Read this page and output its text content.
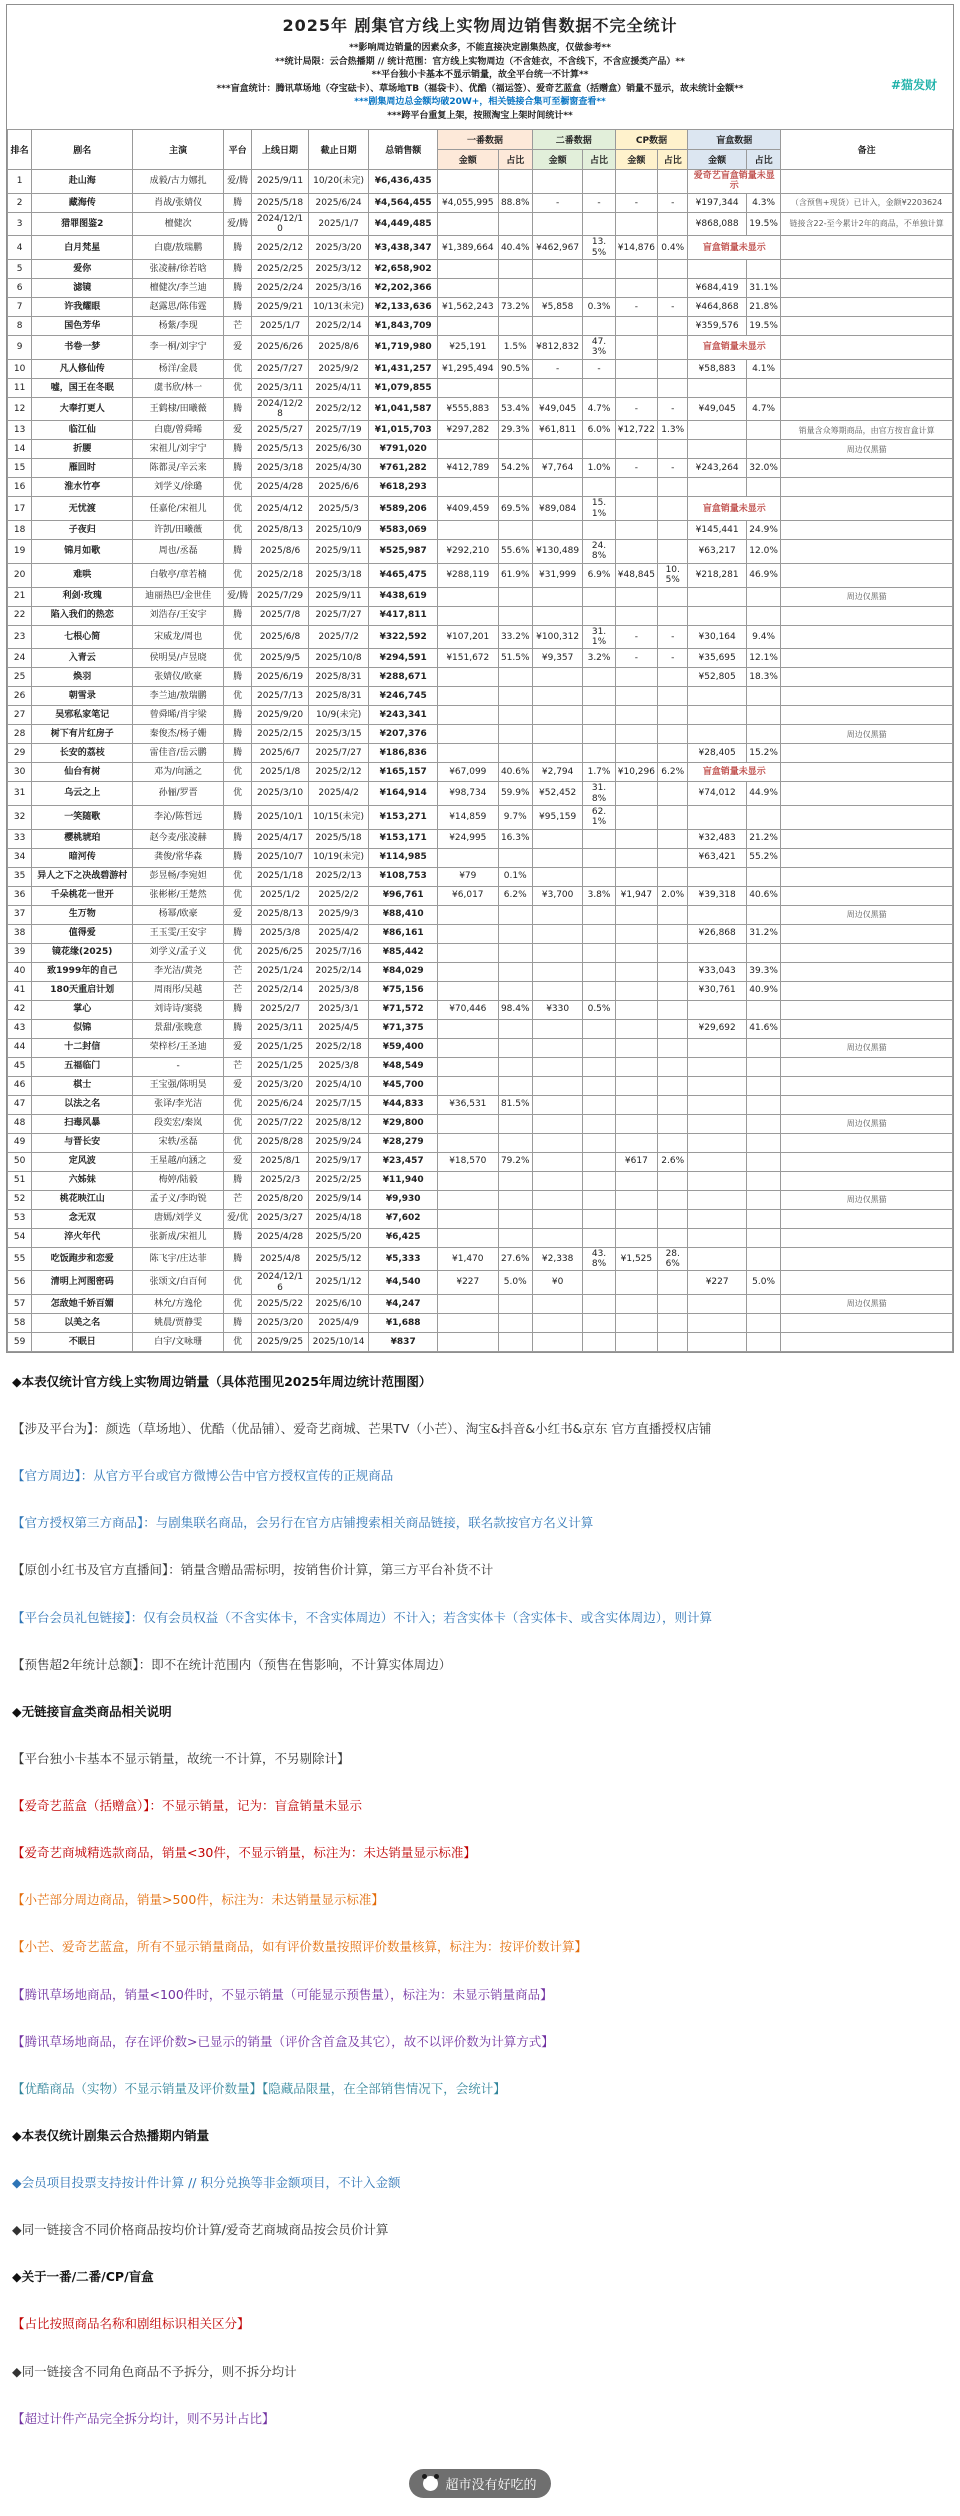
2025年 剧集官方线上实物周边销售数据不完全统计
**影响周边销量的因素众多，不能直接决定剧集热度，仅做参考**
**统计局限：云合热播期 // 统计范围：官方线上实物周边（不含娃衣，不含线下，不含应援类产品）**
**平台独小卡基本不显示销量，故全平台统一不计算**
***盲盒统计：腾讯草场地（夺宝砝卡）、草场地TB（福袋卡）、优酷（福运签）、爱奇艺蓝盒（括赠盒）销量不显示，故未统计金额**
***剧集周边总金额均破20W+，相关链接合集可至橱窗查看**
***跨平台重复上架，按照淘宝上架时间统计**
#猫发财
排名	剧名	主演	平台	上线日期	截止日期	总销售额	一番数据		二番数据		CP数据		盲盒数据		备注
							金额	占比	金额	占比	金额	占比	金额	占比	
1	赴山海	成毅/古力娜扎	爱/腾	2025/9/11	10/20(未完)	¥6,436,435							爱奇艺盲盒销量未显示		
2	藏海传	肖战/张婧仪	腾	2025/5/18	2025/6/24	¥4,564,455	¥4,055,995	88.8%	-	-	-	-	¥197,344	4.3%	（含预售+现货）已计入，金额¥2203624
3	猎罪图鉴2	檀健次	爱/腾	2024/12/10	2025/1/7	¥4,449,485							¥868,088	19.5%	链接含22-至今累计2年的商品，不单独计算
4	白月梵星	白鹿/敖瑞鹏	腾	2025/2/12	2025/3/20	¥3,438,347	¥1,389,664	40.4%	¥462,967	13.5%	¥14,876	0.4%	盲盒销量未显示		
5	爱你	张凌赫/徐若晗	腾	2025/2/25	2025/3/12	¥2,658,902									
6	滤镜	檀健次/李兰迪	腾	2025/2/24	2025/3/16	¥2,202,366							¥684,419	31.1%	
7	许我耀眼	赵露思/陈伟霆	腾	2025/9/21	10/13(未完)	¥2,133,636	¥1,562,243	73.2%	¥5,858	0.3%	-	-	¥464,868	21.8%	
8	国色芳华	杨紫/李现	芒	2025/1/7	2025/2/14	¥1,843,709							¥359,576	19.5%	
9	书卷一梦	李一桐/刘宇宁	爱	2025/6/26	2025/8/6	¥1,719,980	¥25,191	1.5%	¥812,832	47.3%			盲盒销量未显示		
10	凡人修仙传	杨洋/金晨	优	2025/7/27	2025/9/2	¥1,431,257	¥1,295,494	90.5%	-	-			¥58,883	4.1%	
11	嘘，国王在冬眠	虞书欣/林一	优	2025/3/11	2025/4/11	¥1,079,855									
12	大奉打更人	王鹤棣/田曦薇	腾	2024/12/28	2025/2/12	¥1,041,587	¥555,883	53.4%	¥49,045	4.7%	-	-	¥49,045	4.7%	
13	临江仙	白鹿/曾舜晞	爱	2025/5/27	2025/7/19	¥1,015,703	¥297,282	29.3%	¥61,811	6.0%	¥12,722	1.3%			销量含众筹期商品，由官方按盲盒计算
14	折腰	宋祖儿/刘宇宁	腾	2025/5/13	2025/6/30	¥791,020									周边仅黑猫
15	雁回时	陈都灵/辛云来	腾	2025/3/18	2025/4/30	¥761,282	¥412,789	54.2%	¥7,764	1.0%	-	-	¥243,264	32.0%	
16	淮水竹亭	刘学义/徐璐	优	2025/4/28	2025/6/6	¥618,293									
17	无忧渡	任嘉伦/宋祖儿	优	2025/4/12	2025/5/3	¥589,206	¥409,459	69.5%	¥89,084	15.1%			盲盒销量未显示		
18	子夜归	许凯/田曦薇	优	2025/8/13	2025/10/9	¥583,069							¥145,441	24.9%	
19	锦月如歌	周也/丞磊	腾	2025/8/6	2025/9/11	¥525,987	¥292,210	55.6%	¥130,489	24.8%			¥63,217	12.0%	
20	难哄	白敬亭/章若楠	优	2025/2/18	2025/3/18	¥465,475	¥288,119	61.9%	¥31,999	6.9%	¥48,845	10.5%	¥218,281	46.9%	
21	利剑·玫瑰	迪丽热巴/金世佳	爱/腾	2025/7/29	2025/9/11	¥438,619									周边仅黑猫
22	陷入我们的热恋	刘浩存/王安宇	腾	2025/7/8	2025/7/27	¥417,811									
23	七根心简	宋威龙/周也	优	2025/6/8	2025/7/2	¥322,592	¥107,201	33.2%	¥100,312	31.1%	-	-	¥30,164	9.4%	
24	入青云	侯明昊/卢昱晓	优	2025/9/5	2025/10/8	¥294,591	¥151,672	51.5%	¥9,357	3.2%	-	-	¥35,695	12.1%	
25	焕羽	张婧仪/欧豪	腾	2025/6/19	2025/8/31	¥288,671							¥52,805	18.3%	
26	朝雪录	李兰迪/敖瑞鹏	优	2025/7/13	2025/8/31	¥246,745									
27	吴邪私家笔记	曾舜晞/肖宇梁	腾	2025/9/20	10/9(未完)	¥243,341									
28	树下有片红房子	秦俊杰/杨子姗	腾	2025/2/15	2025/3/15	¥207,376									周边仅黑猫
29	长安的荔枝	雷佳音/岳云鹏	腾	2025/6/7	2025/7/27	¥186,836							¥28,405	15.2%	
30	仙台有树	邓为/向涵之	优	2025/1/8	2025/2/12	¥165,157	¥67,099	40.6%	¥2,794	1.7%	¥10,296	6.2%	盲盒销量未显示		
31	乌云之上	孙俪/罗晋	优	2025/3/10	2025/4/2	¥164,914	¥98,734	59.9%	¥52,452	31.8%			¥74,012	44.9%	
32	一笑随歌	李沁/陈哲远	腾	2025/10/1	10/15(未完)	¥153,271	¥14,859	9.7%	¥95,159	62.1%					
33	樱桃琥珀	赵今麦/张凌赫	腾	2025/4/17	2025/5/18	¥153,171	¥24,995	16.3%					¥32,483	21.2%	
34	暗河传	龚俊/常华森	腾	2025/10/7	10/19(未完)	¥114,985							¥63,421	55.2%	
35	异人之下之决战碧游村	彭昱畅/李宛妲	优	2025/1/18	2025/2/13	¥108,753	¥79	0.1%							
36	千朵桃花一世开	张彬彬/王楚然	优	2025/1/2	2025/2/2	¥96,761	¥6,017	6.2%	¥3,700	3.8%	¥1,947	2.0%	¥39,318	40.6%	
37	生万物	杨幂/欧豪	爱	2025/8/13	2025/9/3	¥88,410									周边仅黑猫
38	值得爱	王玉雯/王安宇	腾	2025/3/8	2025/4/2	¥86,161							¥26,868	31.2%	
39	镜花缘(2025)	刘学义/孟子义	优	2025/6/25	2025/7/16	¥85,442									
40	致1999年的自己	李光洁/黄尧	芒	2025/1/24	2025/2/14	¥84,029							¥33,043	39.3%	
41	180天重启计划	周雨彤/吴越	芒	2025/2/14	2025/3/8	¥75,156							¥30,761	40.9%	
42	掌心	刘诗诗/窦骁	腾	2025/2/7	2025/3/1	¥71,572	¥70,446	98.4%	¥330	0.5%					
43	似锦	景甜/张晚意	腾	2025/3/11	2025/4/5	¥71,375							¥29,692	41.6%	
44	十二封信	荣梓杉/王圣迪	爱	2025/1/25	2025/2/18	¥59,400									周边仅黑猫
45	五福临门	-	芒	2025/1/25	2025/3/8	¥48,549									
46	棋士	王宝强/陈明昊	爱	2025/3/20	2025/4/10	¥45,700									
47	以法之名	张译/李光洁	优	2025/6/24	2025/7/15	¥44,833	¥36,531	81.5%							
48	扫毒风暴	段奕宏/秦岚	优	2025/7/22	2025/8/12	¥29,800									周边仅黑猫
49	与晋长安	宋轶/丞磊	优	2025/8/28	2025/9/24	¥28,279									
50	定风波	王星越/向涵之	爱	2025/8/1	2025/9/17	¥23,457	¥18,570	79.2%			¥617	2.6%			
51	六姊妹	梅婷/陆毅	腾	2025/2/3	2025/2/25	¥11,940									
52	桃花映江山	孟子义/李昀锐	芒	2025/8/20	2025/9/14	¥9,930									周边仅黑猫
53	念无双	唐嫣/刘学义	爱/优	2025/3/27	2025/4/18	¥7,602									
54	淬火年代	张新成/宋祖儿	腾	2025/4/28	2025/5/20	¥6,425									
55	吃饭跑步和恋爱	陈飞宇/庄达菲	腾	2025/4/8	2025/5/12	¥5,333	¥1,470	27.6%	¥2,338	43.8%	¥1,525	28.6%			
56	清明上河图密码	张颂文/白百何	优	2024/12/16	2025/1/12	¥4,540	¥227	5.0%	¥0				¥227	5.0%	
57	怎敌她千娇百媚	林允/方逸伦	优	2025/5/22	2025/6/10	¥4,247									周边仅黑猫
58	以美之名	姚晨/贾静雯	腾	2025/3/20	2025/4/9	¥1,688									
59	不眠日	白宇/文咏珊	优	2025/9/25	2025/10/14	¥837									
◆本表仅统计官方线上实物周边销量（具体范围见2025年周边统计范围图）
【涉及平台为】：颜选（草场地）、优酷（优品铺）、爱奇艺商城、芒果TV（小芒）、淘宝&抖音&小红书&京东 官方直播授权店铺
【官方周边】：从官方平台或官方微博公告中官方授权宣传的正规商品
【官方授权第三方商品】：与剧集联名商品，会另行在官方店铺搜索相关商品链接，联名款按官方名义计算
【原创小红书及官方直播间】：销量含赠品需标明，按销售价计算，第三方平台补货不计
【平台会员礼包链接】：仅有会员权益（不含实体卡，不含实体周边）不计入；若含实体卡（含实体卡、或含实体周边），则计算
【预售超2年统计总额】：即不在统计范围内（预售在售影响，不计算实体周边）
◆无链接盲盒类商品相关说明
【平台独小卡基本不显示销量，故统一不计算，不另剔除计】
【爱奇艺蓝盒（括赠盒）】：不显示销量，记为：盲盒销量未显示
【爱奇艺商城精选款商品，销量<30件，不显示销量，标注为：未达销量显示标准】
【小芒部分周边商品，销量>500件，标注为：未达销量显示标准】
【小芒、爱奇艺蓝盒，所有不显示销量商品，如有评价数量按照评价数量核算，标注为：按评价数计算】
【腾讯草场地商品，销量<100件时，不显示销量（可能显示预售量），标注为：未显示销量商品】
【腾讯草场地商品，存在评价数>已显示的销量（评价含首盒及其它），故不以评价数为计算方式】
【优酷商品（实物）不显示销量及评价数量】【隐藏品限量，在全部销售情况下，会统计】
◆本表仅统计剧集云合热播期内销量
◆会员项目投票支持按计件计算 // 积分兑换等非金额项目，不计入金额
◆同一链接含不同价格商品按均价计算/爱奇艺商城商品按会员价计算
◆关于一番/二番/CP/盲盒
【占比按照商品名称和剧组标识相关区分】
◆同一链接含不同角色商品不予拆分，则不拆分均计
【超过计件产品完全拆分均计，则不另计占比】
超市没有好吃的
